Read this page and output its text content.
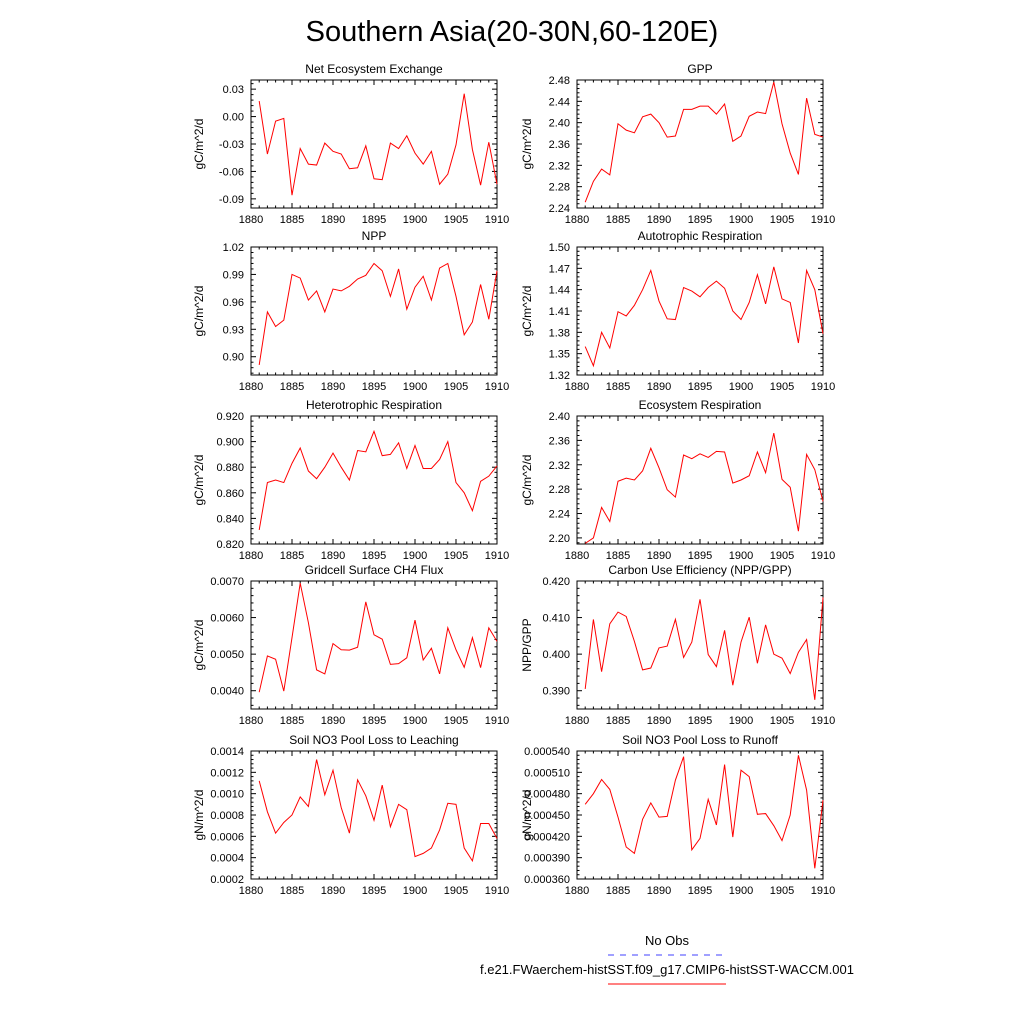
Southern Asia(20-30N,60-120E)
1880 1885 1890 1895 1900 1905 1910
0.03
0.00
-0.03
-0.06
-0.09
Net Ecosystem Exchange
gC/m^2/d
1880 1885 1890 1895 1900 1905 1910
2.24
2.28
2.32
2.36
2.40
2.44
2.48
GPP
gC/m^2/d
1880 1885 1890 1895 1900 1905 1910
0.90
0.93
0.96
0.99
1.02
NPP
gC/m^2/d
1880 1885 1890 1895 1900 1905 1910
1.32
1.35
1.38
1.41
1.44
1.47
1.50
Autotrophic Respiration
gC/m^2/d
1880 1885 1890 1895 1900 1905 1910
0.820
0.840
0.860
0.880
0.900
0.920
Heterotrophic Respiration
gC/m^2/d
1880 1885 1890 1895 1900 1905 1910
2.20
2.24
2.28
2.32
2.36
2.40
Ecosystem Respiration
gC/m^2/d
1880 1885 1890 1895 1900 1905 1910
0.0040
0.0050
0.0060
0.0070
Gridcell Surface CH4 Flux
gC/m^2/d
1880 1885 1890 1895 1900 1905 1910
0.390
0.400
0.410
0.420
Carbon Use Efficiency (NPP/GPP)
NPP/GPP
1880 1885 1890 1895 1900 1905 1910
0.0002
0.0004
0.0006
0.0008
0.0010
0.0012
0.0014
Soil NO3 Pool Loss to Leaching
gN/m^2/d
1880 1885 1890 1895 1900 1905 1910
0.000360
0.000390
0.000420
0.000450
0.000480
0.000510
0.000540
Soil NO3 Pool Loss to Runoff
gN/m^2/d
No Obs
f.e21.FWaerchem-histSST.f09_g17.CMIP6-histSST-WACCM.001
